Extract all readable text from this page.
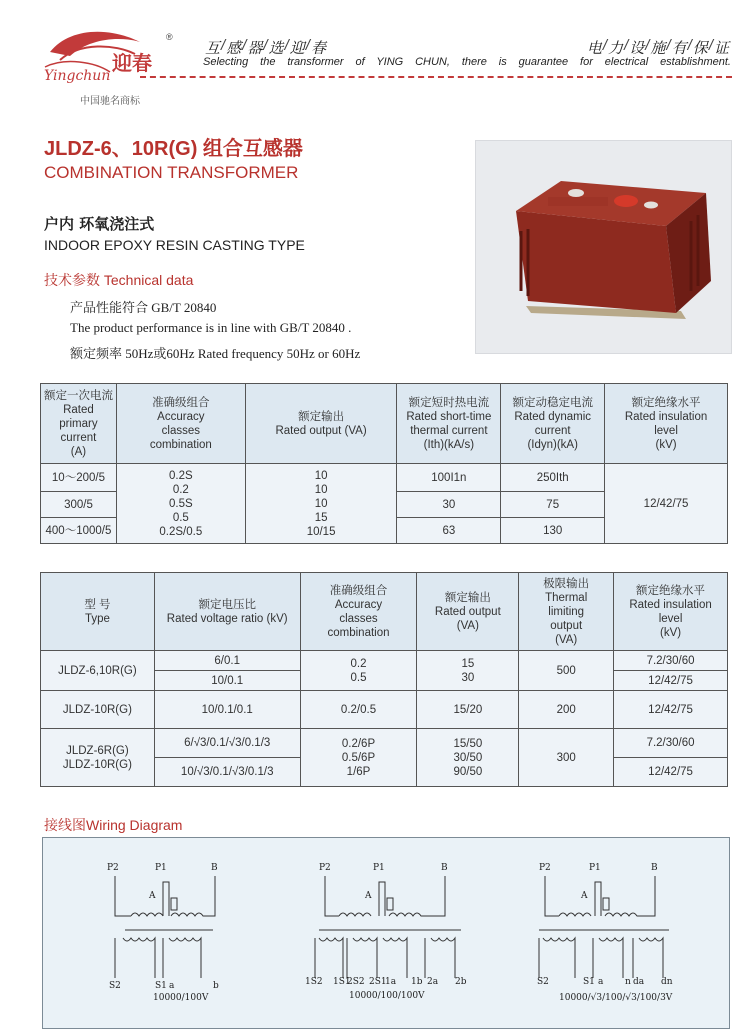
Yingchun
迎春
®
互 / 感 / 器 / 选 / 迎 / 春	电 / 力 / 设 / 施 / 有 / 保 / 证
Selecting the transformer of YING CHUN, there is guarantee for electrical establishment.
中国驰名商标
JLDZ-6、10R(G) 组合互感器
COMBINATION TRANSFORMER
户内 环氧浇注式
INDOOR EPOXY RESIN CASTING TYPE
技术参数 Technical data
产品性能符合 GB/T 20840
The product performance is in line with GB/T 20840 .
额定频率 50Hz或60Hz Rated frequency 50Hz or 60Hz
额定一次电流
Rated primary
current
(A)	准确级组合
Accuracy
classes
combination	额定输出
Rated output (VA)	额定短时热电流
Rated short-time
thermal current
(Ith)(kA/s)	额定动稳定电流
Rated dynamic
current
(Idyn)(kA)	额定绝缘水平
Rated insulation
level
(kV)

10～200/5	0.2S
0.2
0.5S
0.5
0.2S/0.5	10
10
10
15
10/15	100I1n	250Ith	12/42/75
300/5			30	75	
400～1000/5			63	130	
型 号
Type	额定电压比
Rated voltage ratio (kV)	准确级组合
Accuracy
classes
combination	额定输出
Rated output
(VA)	极限输出
Thermal
limiting
output
(VA)	额定绝缘水平
Rated insulation
level
(kV)

JLDZ-6,10R(G)	6/0.1	0.2
0.5	15
30	500	7.2/30/60
	10/0.1				12/42/75
JLDZ-10R(G)	10/0.1/0.1	0.2/0.5	15/20	200	12/42/75

JLDZ-6R(G)
JLDZ-10R(G)	6/√3/0.1/√3/0.1/3	0.2/6P
0.5/6P
1/6P	15/50
30/50
90/50	300	7.2/30/60
	10/√3/0.1/√3/0.1/3				12/42/75
接线图Wiring Diagram
P2	P1	B
A
S2	S1 a	b
10000/100V
P2	P1	B
A
1S2 1S1
2S2 2S1
1a 1b 2a 2b
10000/100/100V
P2	P1	B
A
S2	S1 a n da dn
10000/√3/100/√3/100/3V
